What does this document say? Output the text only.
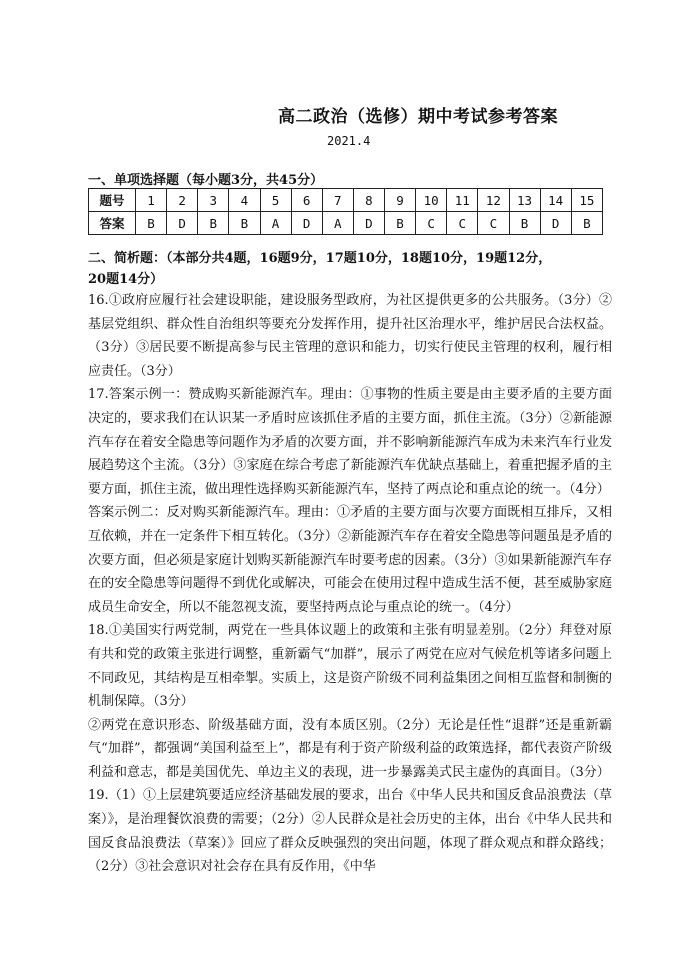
高二政治（选修）期中考试参考答案
2021.4
一、单项选择题（每小题3分，共45分）
题号	1	2	3	4	5	6	7	8	9	10	11	12	13	14	15
答案	B	D	B	B	A	D	A	D	B	C	C	C	B	D	B
二、简析题：（本部分共4题，16题9分，17题10分，18题10分，19题12分，
20题14分）

16.①政府应履行社会建设职能，建设服务型政府，为社区提供更多的公共服务。（3分）②基层党组织、群众性自治组织等要充分发挥作用，提升社区治理水平，维护居民合法权益。（3分）③居民要不断提高参与民主管理的意识和能力，切实行使民主管理的权利，履行相应责任。（3分）

17.答案示例一：赞成购买新能源汽车。理由：①事物的性质主要是由主要矛盾的主要方面决定的，要求我们在认识某一矛盾时应该抓住矛盾的主要方面，抓住主流。（3分）②新能源汽车存在着安全隐患等问题作为矛盾的次要方面，并不影响新能源汽车成为未来汽车行业发展趋势这个主流。（3分）③家庭在综合考虑了新能源汽车优缺点基础上，着重把握矛盾的主要方面，抓住主流，做出理性选择购买新能源汽车，坚持了两点论和重点论的统一。（4分）

答案示例二：反对购买新能源汽车。理由：①矛盾的主要方面与次要方面既相互排斥，又相互依赖，并在一定条件下相互转化。（3分）②新能源汽车存在着安全隐患等问题虽是矛盾的次要方面，但必须是家庭计划购买新能源汽车时要考虑的因素。（3分）③如果新能源汽车存在的安全隐患等问题得不到优化或解决，可能会在使用过程中造成生活不便，甚至威胁家庭成员生命安全，所以不能忽视支流，要坚持两点论与重点论的统一。（4分）

18.①美国实行两党制，两党在一些具体议题上的政策和主张有明显差别。（2分）拜登对原有共和党的政策主张进行调整，重新霸气“加群”，展示了两党在应对气候危机等诸多问题上不同政见，其结构是互相牵掣。实质上，这是资产阶级不同利益集团之间相互监督和制衡的机制保障。（3分）

②两党在意识形态、阶级基础方面，没有本质区别。（2分）无论是任性“退群”还是重新霸气“加群”，都强调“美国利益至上”，都是有利于资产阶级利益的政策选择，都代表资产阶级利益和意志，都是美国优先、单边主义的表现，进一步暴露美式民主虚伪的真面目。（3分）

19.（1）①上层建筑要适应经济基础发展的要求，出台《中华人民共和国反食品浪费法（草案）》，是治理餐饮浪费的需要；（2分）②人民群众是社会历史的主体，出台《中华人民共和国反食品浪费法（草案）》回应了群众反映强烈的突出问题，体现了群众观点和群众路线；（2分）③社会意识对社会存在具有反作用，《中华
